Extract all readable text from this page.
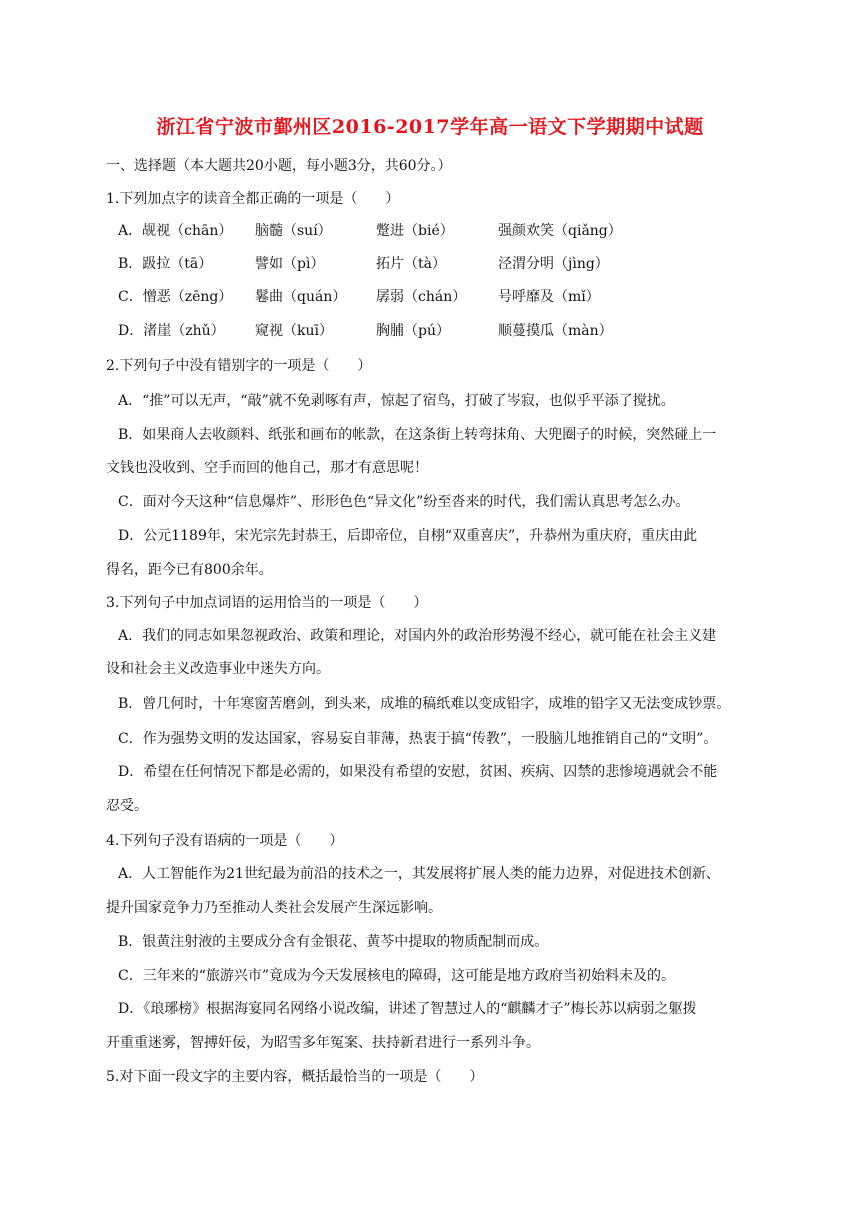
浙江省宁波市鄞州区2016-2017学年高一语文下学期期中试题
一、选择题（本大题共20小题，每小题3分，共60分。）
1.下列加点字的读音全都正确的一项是（　　）
A．觇视（chān） 脑髓（suí）	蹩进（bié）	强颜欢笑（qiǎng）
B．趿拉（tā）	譬如（pì）	拓片（tà）	泾渭分明（jìng）
C．憎恶（zēng） 鬈曲（quán） 孱弱（chán） 号呼靡及（mǐ）
D．渚崖（zhǔ） 窥视（kuī）	胸脯（pú）	顺蔓摸瓜（màn）
2.下列句子中没有错别字的一项是（　　）
A．“推”可以无声，“敲”就不免剥啄有声，惊起了宿鸟，打破了岑寂，也似乎平添了搅扰。
B．如果商人去收颜料、纸张和画布的帐款，在这条街上转弯抹角、大兜圈子的时候，突然碰上一
文钱也没收到、空手而回的他自己，那才有意思呢！
C．面对今天这种“信息爆炸”、形形色色“异文化”纷至沓来的时代，我们需认真思考怎么办。
D．公元1189年，宋光宗先封恭王，后即帝位，自栩“双重喜庆”，升恭州为重庆府，重庆由此
得名，距今已有800余年。
3.下列句子中加点词语的运用恰当的一项是（　　）
A．我们的同志如果忽视政治、政策和理论，对国内外的政治形势漫不经心，就可能在社会主义建
设和社会主义改造事业中迷失方向。
B．曾几何时，十年寒窗苦磨剑，到头来，成堆的稿纸难以变成铅字，成堆的铅字又无法变成钞票。
C．作为强势文明的发达国家，容易妄自菲薄，热衷于搞“传教”，一股脑儿地推销自己的“文明”。
D．希望在任何情况下都是必需的，如果没有希望的安慰，贫困、疾病、囚禁的悲惨境遇就会不能
忍受。
4.下列句子没有语病的一项是（　　）
A．人工智能作为21世纪最为前沿的技术之一，其发展将扩展人类的能力边界，对促进技术创新、
提升国家竞争力乃至推动人类社会发展产生深远影响。
B．银黄注射液的主要成分含有金银花、黄芩中提取的物质配制而成。
C．三年来的“旅游兴市”竟成为今天发展核电的障碍，这可能是地方政府当初始料未及的。
D．《琅琊榜》根据海宴同名网络小说改编，讲述了智慧过人的“麒麟才子”梅长苏以病弱之躯拨
开重重迷雾，智搏奸佞，为昭雪多年冤案、扶持新君进行一系列斗争。
5.对下面一段文字的主要内容，概括最恰当的一项是（　　）
